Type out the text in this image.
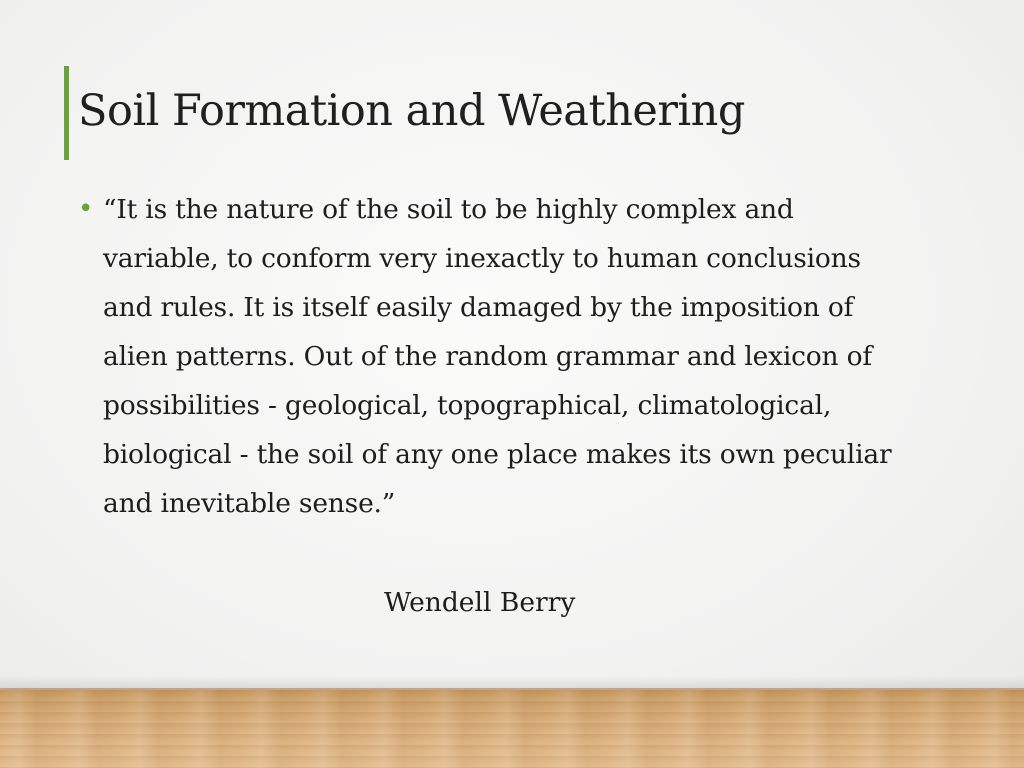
Soil Formation and Weathering
• “It is the nature of the soil to be highly complex and variable, to conform very inexactly to human conclusions and rules. It is itself easily damaged by the imposition of alien patterns. Out of the random grammar and lexicon of possibilities - geological, topographical, climatological, biological - the soil of any one place makes its own peculiar and inevitable sense.”

Wendell Berry
